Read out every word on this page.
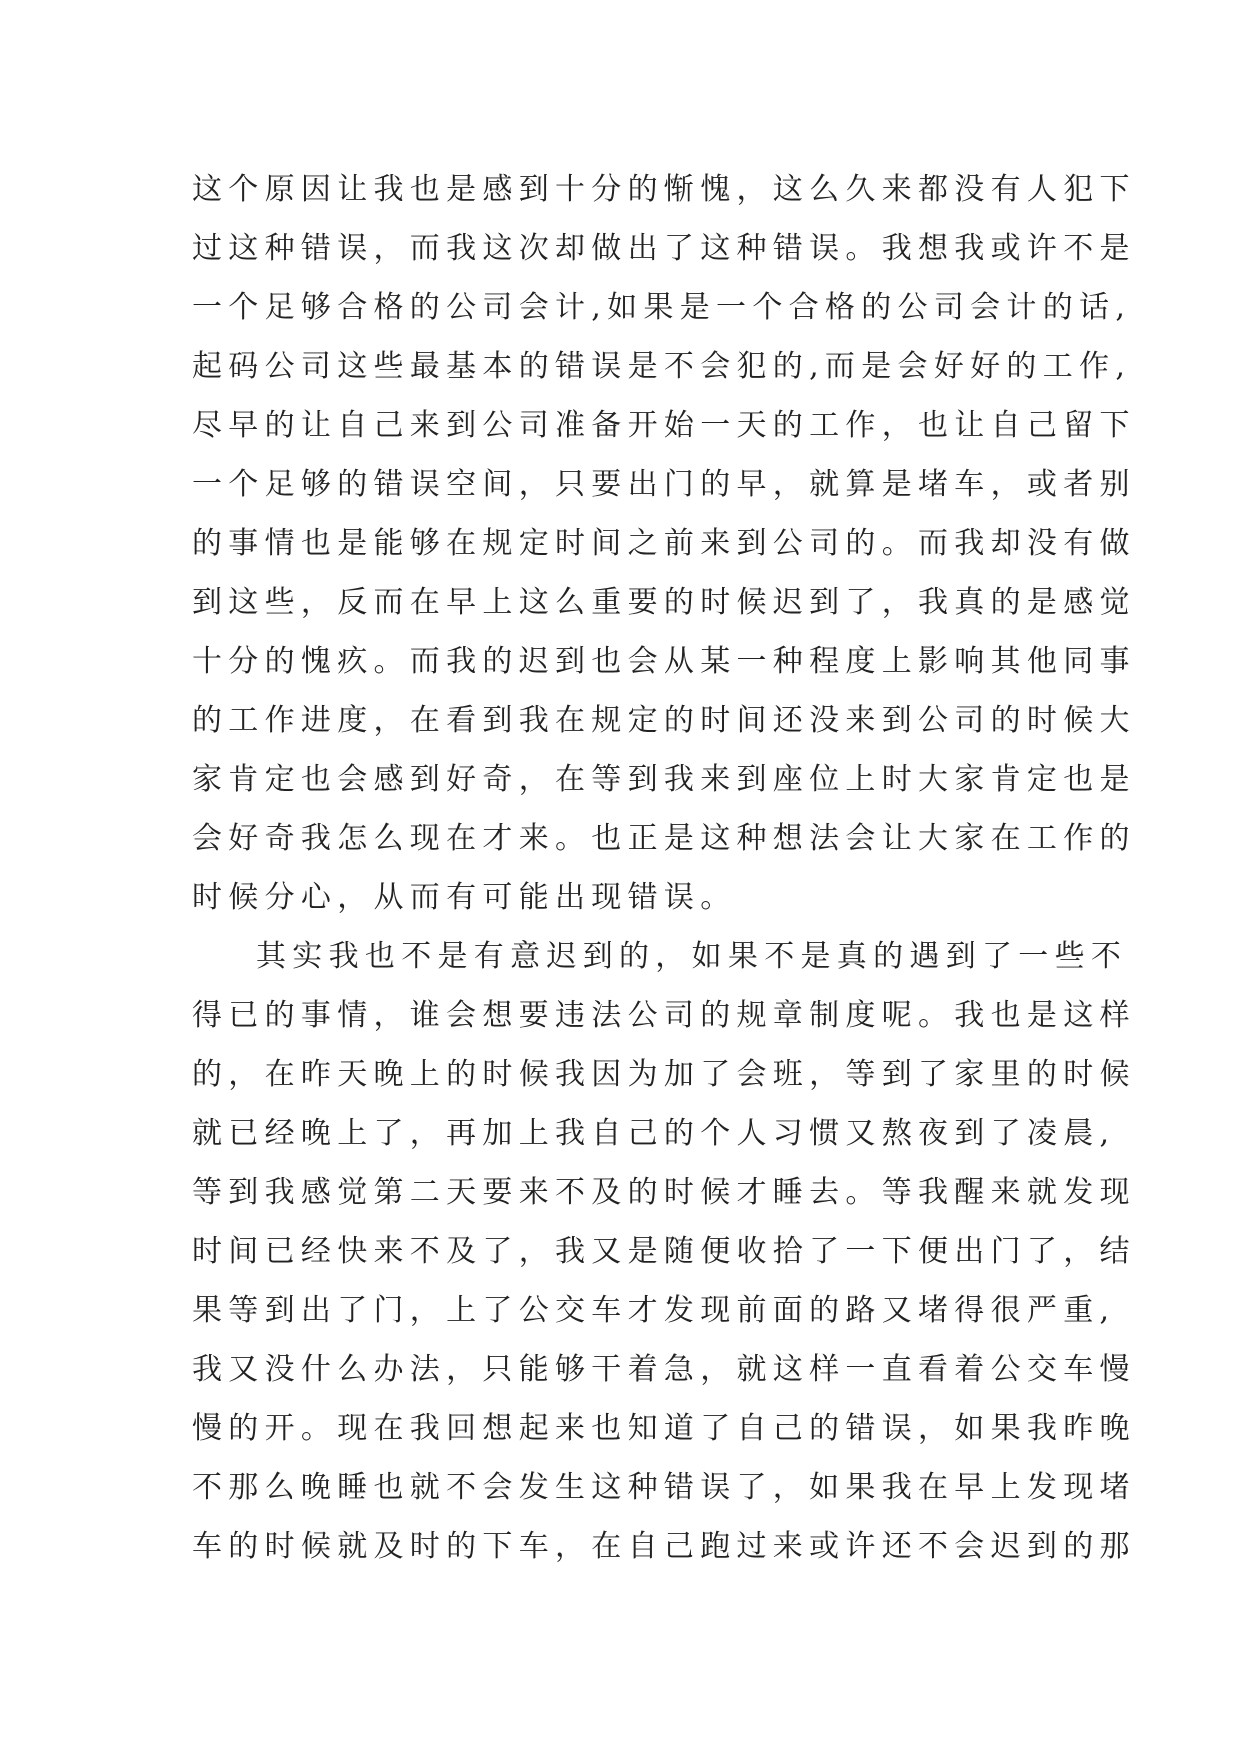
这个原因让我也是感到十分的惭愧，这么久来都没有人犯下
过这种错误，而我这次却做出了这种错误。我想我或许不是
一个足够合格的公司会计,如果是一个合格的公司会计的话,
起码公司这些最基本的错误是不会犯的,而是会好好的工作,
尽早的让自己来到公司准备开始一天的工作，也让自己留下
一个足够的错误空间，只要出门的早，就算是堵车，或者别
的事情也是能够在规定时间之前来到公司的。而我却没有做
到这些，反而在早上这么重要的时候迟到了，我真的是感觉
十分的愧疚。而我的迟到也会从某一种程度上影响其他同事
的工作进度，在看到我在规定的时间还没来到公司的时候大
家肯定也会感到好奇，在等到我来到座位上时大家肯定也是
会好奇我怎么现在才来。也正是这种想法会让大家在工作的
时候分心，从而有可能出现错误。
其实我也不是有意迟到的，如果不是真的遇到了一些不
得已的事情，谁会想要违法公司的规章制度呢。我也是这样
的，在昨天晚上的时候我因为加了会班，等到了家里的时候
就已经晚上了，再加上我自己的个人习惯又熬夜到了凌晨,
等到我感觉第二天要来不及的时候才睡去。等我醒来就发现
时间已经快来不及了，我又是随便收拾了一下便出门了，结
果等到出了门，上了公交车才发现前面的路又堵得很严重,
我又没什么办法，只能够干着急，就这样一直看着公交车慢
慢的开。现在我回想起来也知道了自己的错误，如果我昨晚
不那么晚睡也就不会发生这种错误了，如果我在早上发现堵
车的时候就及时的下车，在自己跑过来或许还不会迟到的那
